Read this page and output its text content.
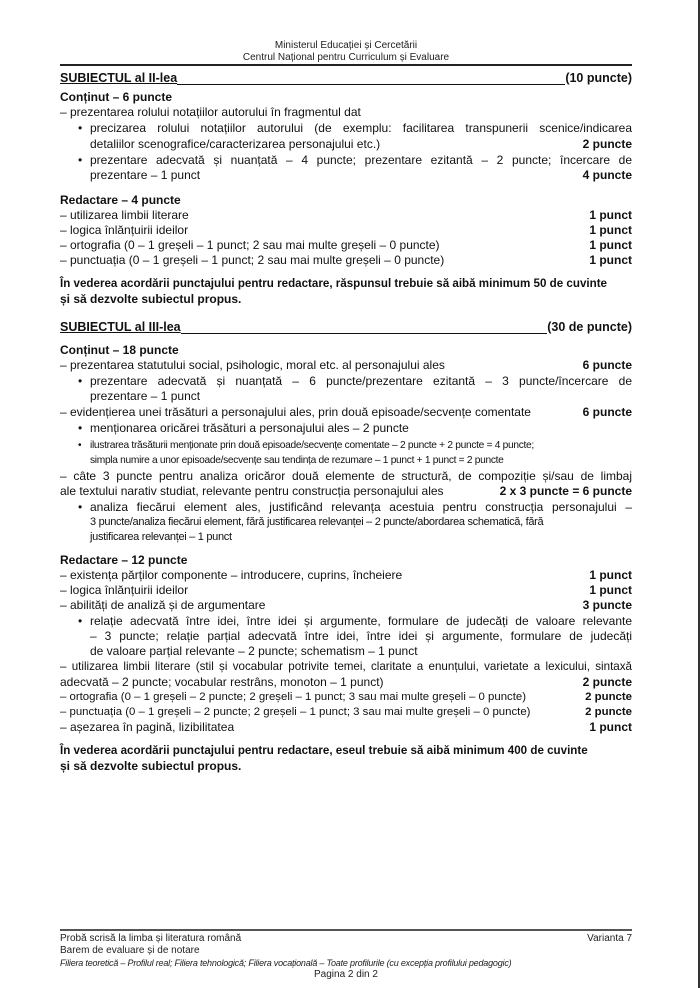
Ministerul Educației și Cercetării
Centrul Național pentru Curriculum și Evaluare
SUBIECTUL al II-lea	(10 puncte)
Conținut – 6 puncte
– prezentarea rolului notațiilor autorului în fragmentul dat
• precizarea rolului notațiilor autorului (de exemplu: facilitarea transpunerii scenice/indicarea
detaliilor scenografice/caracterizarea personajului etc.)	2 puncte
• prezentare adecvată și nuanțată – 4 puncte; prezentare ezitantă – 2 puncte; încercare de
prezentare – 1 punct	4 puncte
Redactare – 4 puncte
– utilizarea limbii literare	1 punct
– logica înlănțuirii ideilor	1 punct
– ortografia (0 – 1 greșeli – 1 punct; 2 sau mai multe greșeli – 0 puncte)	1 punct
– punctuația (0 – 1 greșeli – 1 punct; 2 sau mai multe greșeli – 0 puncte)	1 punct
În vederea acordării punctajului pentru redactare, răspunsul trebuie să aibă minimum 50 de cuvinte
și să dezvolte subiectul propus.
SUBIECTUL al III-lea	(30 de puncte)
Conținut – 18 puncte
– prezentarea statutului social, psihologic, moral etc. al personajului ales	6 puncte
• prezentare adecvată și nuanțată – 6 puncte/prezentare ezitantă – 3 puncte/încercare de
prezentare – 1 punct
– evidențierea unei trăsături a personajului ales, prin două episoade/secvențe comentate	6 puncte
• menționarea oricărei trăsături a personajului ales – 2 puncte
• ilustrarea trăsăturii menționate prin două episoade/secvențe comentate – 2 puncte + 2 puncte = 4 puncte;
simpla numire a unor episoade/secvențe sau tendința de rezumare – 1 punct + 1 punct = 2 puncte
– câte 3 puncte pentru analiza oricăror două elemente de structură, de compoziție și/sau de limbaj
ale textului narativ studiat, relevante pentru construcția personajului ales	2 x 3 puncte = 6 puncte
• analiza fiecărui element ales, justificând relevanța acestuia pentru construcția personajului –
3 puncte/analiza fiecărui element, fără justificarea relevanței – 2 puncte/abordarea schematică, fără
justificarea relevanței – 1 punct
Redactare – 12 puncte
– existența părților componente – introducere, cuprins, încheiere	1 punct
– logica înlănțuirii ideilor	1 punct
– abilități de analiză și de argumentare	3 puncte
• relație adecvată între idei, între idei și argumente, formulare de judecăți de valoare relevante
– 3 puncte; relație parțial adecvată între idei, între idei și argumente, formulare de judecăți
de valoare parțial relevante – 2 puncte; schematism – 1 punct
– utilizarea limbii literare (stil și vocabular potrivite temei, claritate a enunțului, varietate a lexicului, sintaxă
adecvată – 2 puncte; vocabular restrâns, monoton – 1 punct)	2 puncte
– ortografia (0 – 1 greșeli – 2 puncte; 2 greșeli – 1 punct; 3 sau mai multe greșeli – 0 puncte)	2 puncte
– punctuația (0 – 1 greșeli – 2 puncte; 2 greșeli – 1 punct; 3 sau mai multe greșeli – 0 puncte)	2 puncte
– așezarea în pagină, lizibilitatea	1 punct
În vederea acordării punctajului pentru redactare, eseul trebuie să aibă minimum 400 de cuvinte
și să dezvolte subiectul propus.
Probă scrisă la limba și literatura română	Varianta 7
Barem de evaluare și de notare
Filiera teoretică – Profilul real; Filiera tehnologică; Filiera vocațională – Toate profilurile (cu excepția profilului pedagogic)
Pagina 2 din 2
